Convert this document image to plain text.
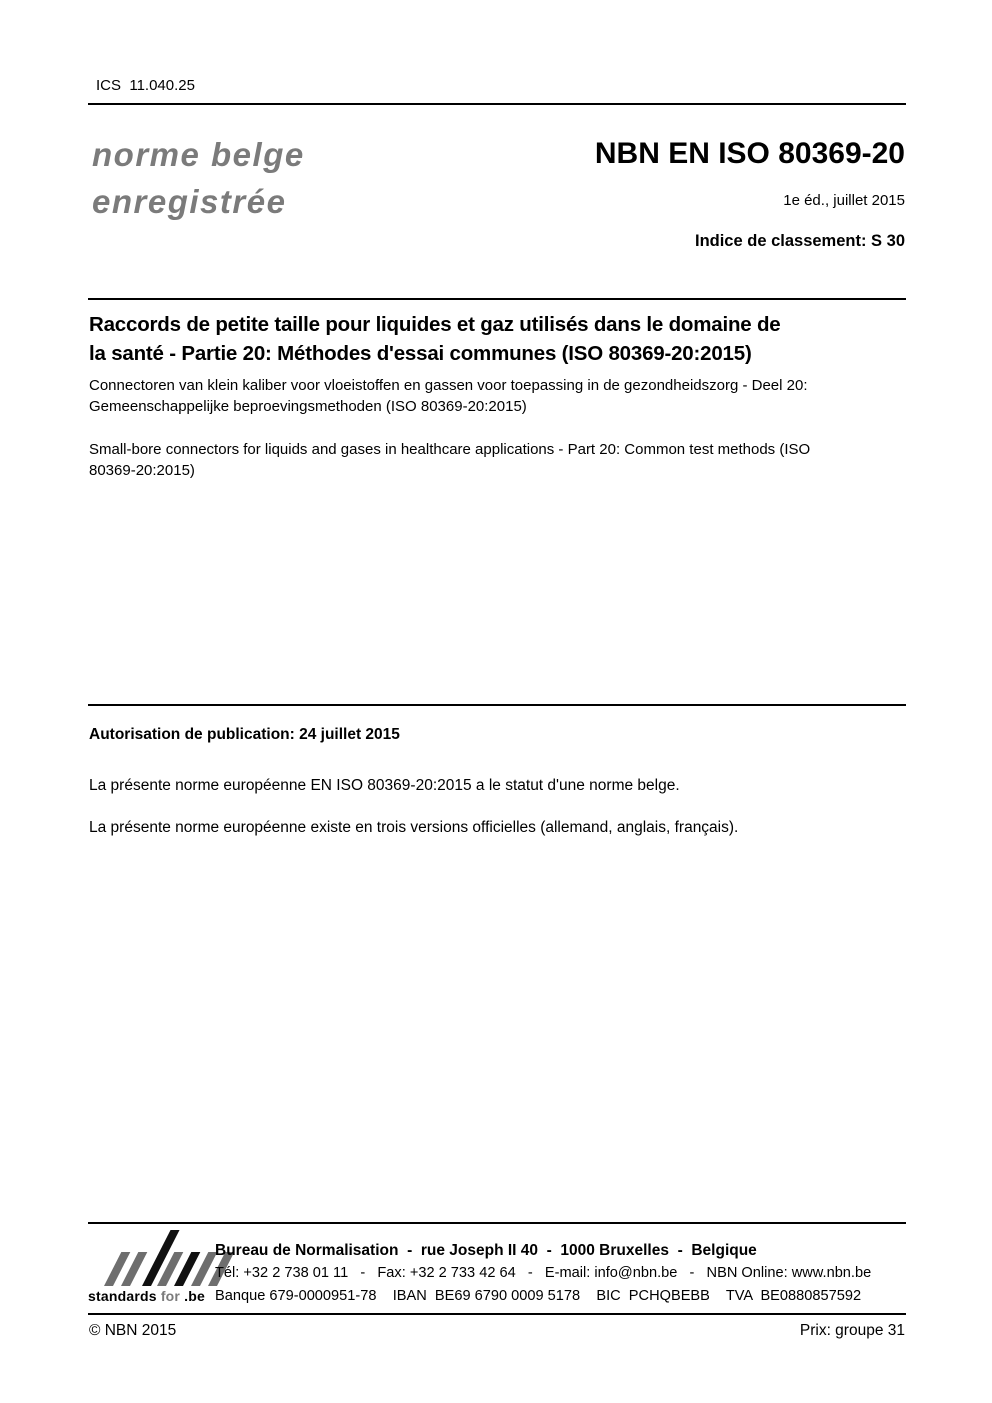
ICS  11.040.25
norme belge
enregistrée
NBN EN ISO 80369-20
1e éd., juillet 2015
Indice de classement: S 30
Raccords de petite taille pour liquides et gaz utilisés dans le domaine de
la santé - Partie 20: Méthodes d'essai communes (ISO 80369-20:2015)
Connectoren van klein kaliber voor vloeistoffen en gassen voor toepassing in de gezondheidszorg - Deel 20:
Gemeenschappelijke beproevingsmethoden (ISO 80369-20:2015)
Small-bore connectors for liquids and gases in healthcare applications - Part 20: Common test methods (ISO
80369-20:2015)
Autorisation de publication: 24 juillet 2015
La présente norme européenne EN ISO 80369-20:2015 a le statut d'une norme belge.
La présente norme européenne existe en trois versions officielles (allemand, anglais, français).
standards for .be
Bureau de Normalisation  -  rue Joseph II 40  -  1000 Bruxelles  -  Belgique
Tél: +32 2 738 01 11   -   Fax: +32 2 733 42 64   -   E-mail: info@nbn.be   -   NBN Online: www.nbn.be
Banque 679-0000951-78    IBAN  BE69 6790 0009 5178    BIC  PCHQBEBB    TVA  BE0880857592
© NBN 2015	Prix: groupe 31
